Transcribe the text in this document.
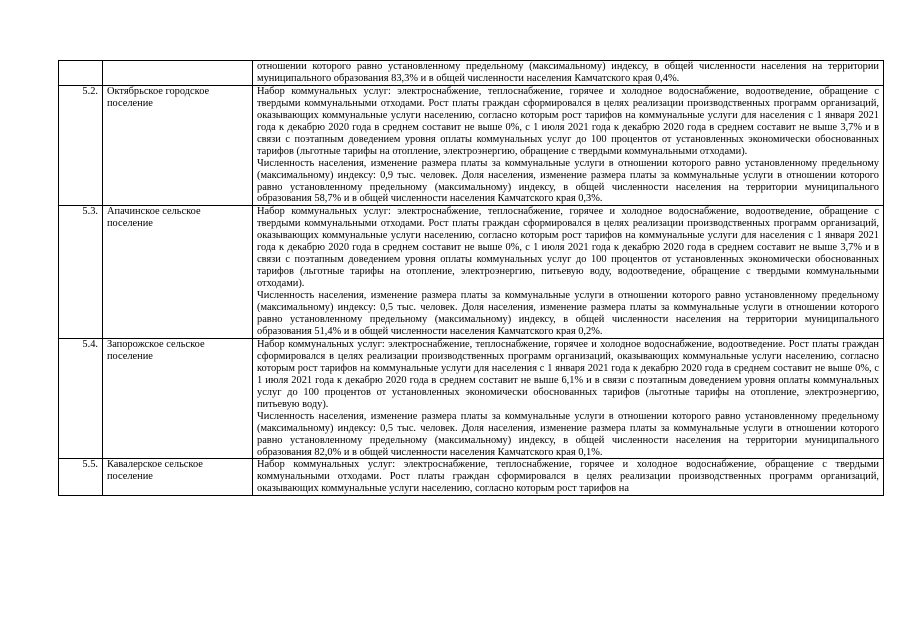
		отношении которого равно установленному предельному (максимальному) индексу, в общей численности населения на территории муниципального образования 83,3% и в общей численности населения Камчатского края 0,4%.

5.2.	Октябрьское городское поселение	Набор коммунальных услуг: электроснабжение, теплоснабжение, горячее и холодное водоснабжение, водоотведение, обращение с твердыми коммунальными отходами. Рост платы граждан сформировался в целях реализации производственных программ организаций, оказывающих коммунальные услуги населению, согласно которым рост тарифов на коммунальные услуги для населения с 1 января 2021 года к декабрю 2020 года в среднем составит не выше 0%, с 1 июля 2021 года к декабрю 2020 года в среднем составит не выше 3,7% и в связи с поэтапным доведением уровня оплаты коммунальных услуг до 100 процентов от установленных экономически обоснованных тарифов (льготные тарифы на отопление, электроэнергию, обращение с твердыми коммунальными отходами).

Численность населения, изменение размера платы за коммунальные услуги в отношении которого равно установленному предельному (максимальному) индексу: 0,9 тыс. человек. Доля населения, изменение размера платы за коммунальные услуги в отношении которого равно установленному предельному (максимальному) индексу, в общей численности населения на территории муниципального образования 58,7% и в общей численности населения Камчатского края 0,3%.

5.3.	Апачинское сельское поселение	Набор коммунальных услуг: электроснабжение, теплоснабжение, горячее и холодное водоснабжение, водоотведение, обращение с твердыми коммунальными отходами. Рост платы граждан сформировался в целях реализации производственных программ организаций, оказывающих коммунальные услуги населению, согласно которым рост тарифов на коммунальные услуги для населения с 1 января 2021 года к декабрю 2020 года в среднем составит не выше 0%, с 1 июля 2021 года к декабрю 2020 года в среднем составит не выше 3,7% и в связи с поэтапным доведением уровня оплаты коммунальных услуг до 100 процентов от установленных экономически обоснованных тарифов (льготные тарифы на отопление, электроэнергию, питьевую воду, водоотведение, обращение с твердыми коммунальными отходами).

Численность населения, изменение размера платы за коммунальные услуги в отношении которого равно установленному предельному (максимальному) индексу: 0,5 тыс. человек. Доля населения, изменение размера платы за коммунальные услуги в отношении которого равно установленному предельному (максимальному) индексу, в общей численности населения на территории муниципального образования 51,4% и в общей численности населения Камчатского края 0,2%.

5.4.	Запорожское сельское поселение	Набор коммунальных услуг: электроснабжение, теплоснабжение, горячее и холодное водоснабжение, водоотведение. Рост платы граждан сформировался в целях реализации производственных программ организаций, оказывающих коммунальные услуги населению, согласно которым рост тарифов на коммунальные услуги для населения с 1 января 2021 года к декабрю 2020 года в среднем составит не выше 0%, с 1 июля 2021 года к декабрю 2020 года в среднем составит не выше 6,1% и в связи с поэтапным доведением уровня оплаты коммунальных услуг до 100 процентов от установленных экономически обоснованных тарифов (льготные тарифы на отопление, электроэнергию, питьевую воду).

Численность населения, изменение размера платы за коммунальные услуги в отношении которого равно установленному предельному (максимальному) индексу: 0,5 тыс. человек. Доля населения, изменение размера платы за коммунальные услуги в отношении которого равно установленному предельному (максимальному) индексу, в общей численности населения на территории муниципального образования 82,0% и в общей численности населения Камчатского края 0,1%.

5.5.	Кавалерское сельское поселение	Набор коммунальных услуг: электроснабжение, теплоснабжение, горячее и холодное водоснабжение, обращение с твердыми коммунальными отходами. Рост платы граждан сформировался в целях реализации производственных программ организаций, оказывающих коммунальные услуги населению, согласно которым рост тарифов на
